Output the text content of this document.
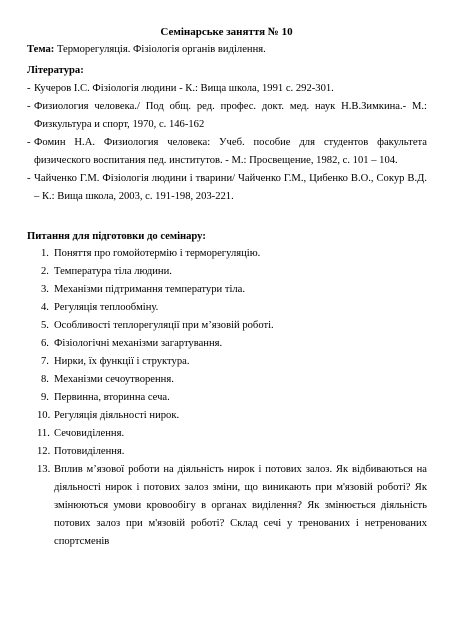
Семінарське заняття № 10
Тема: Терморегуляція. Фізіологія органів виділення.
Література:
- Кучеров І.С. Фізіологія людини - К.: Вища школа, 1991 с. 292-301.
- Физиология человека./ Под общ. ред. профес. докт. мед. наук Н.В.Зимкина.- М.: Физкультура и спорт, 1970, с. 146-162
- Фомин Н.А. Физиология человека: Учеб. пособие для студентов факультета физического воспитания пед. институтов. - М.: Просвещение, 1982, с. 101 – 104.
- Чайченко Г.М. Фізіологія людини і тварини/ Чайченко Г.М., Цибенко В.О., Сокур В.Д. – К.: Вища школа, 2003, с. 191-198, 203-221.
Питання для підготовки до семінару:
1. Поняття про гомойотермію і терморегуляцію.
2. Температура тіла людини.
3. Механізми підтримання температури тіла.
4. Регуляція теплообміну.
5. Особливості теплорегуляції при м’язовій роботі.
6. Фізіологічні механізми загартування.
7. Нирки, їх функції і структура.
8. Механізми сечоутворення.
9. Первинна, вторинна сеча.
10. Регуляція діяльності нирок.
11. Сечовиділення.
12. Потовиділення.
13. Вплив м’язової роботи на діяльність нирок і потових залоз. Як відбиваються на діяльності нирок і потових залоз зміни, що виникають при м'язовій роботі? Як змінюються умови кровообігу в органах виділення? Як змінюється діяльність потових залоз при м'язовій роботі? Склад сечі у тренованих і нетренованих спортсменів
